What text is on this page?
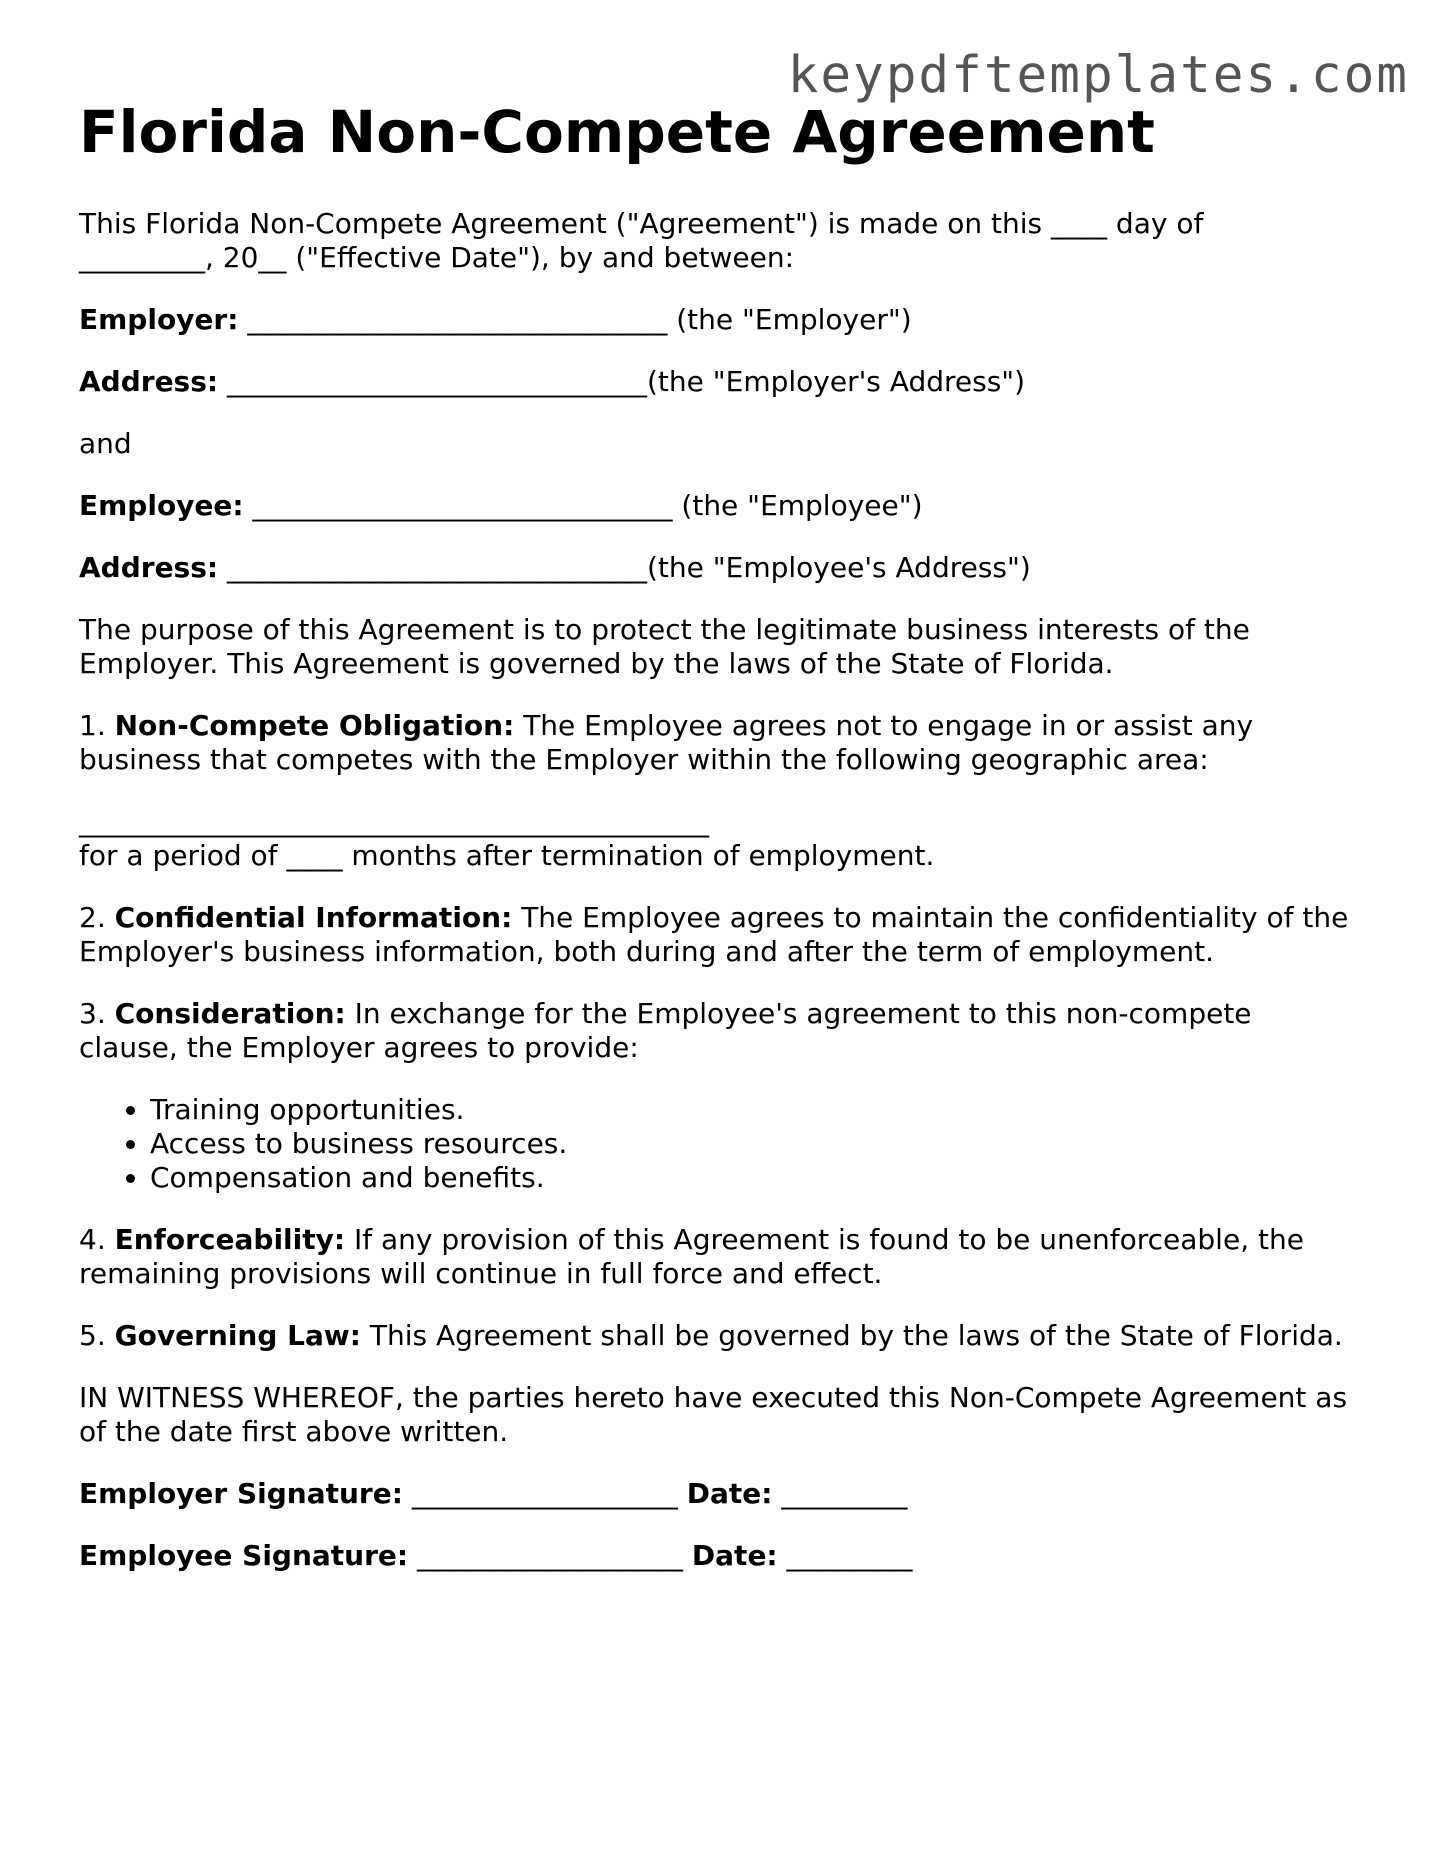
keypdftemplates.com
Florida Non-Compete Agreement

This Florida Non-Compete Agreement ("Agreement") is made on this ____ day of
_________, 20__ ("Effective Date"), by and between:

Employer: ______________________________ (the "Employer")

Address: ______________________________(the "Employer's Address")

and

Employee: ______________________________ (the "Employee")

Address: ______________________________(the "Employee's Address")

The purpose of this Agreement is to protect the legitimate business interests of the
Employer. This Agreement is governed by the laws of the State of Florida.

1. Non-Compete Obligation: The Employee agrees not to engage in or assist any
business that competes with the Employer within the following geographic area:

_____________________________________________

for a period of ____ months after termination of employment.

2. Confidential Information: The Employee agrees to maintain the confidentiality of the
Employer's business information, both during and after the term of employment.

3. Consideration: In exchange for the Employee's agreement to this non-compete
clause, the Employer agrees to provide:

• Training opportunities.
• Access to business resources.
• Compensation and benefits.

4. Enforceability: If any provision of this Agreement is found to be unenforceable, the
remaining provisions will continue in full force and effect.

5. Governing Law: This Agreement shall be governed by the laws of the State of Florida.

IN WITNESS WHEREOF, the parties hereto have executed this Non-Compete Agreement as
of the date first above written.

Employer Signature: ___________________ Date: _________

Employee Signature: ___________________ Date: _________
